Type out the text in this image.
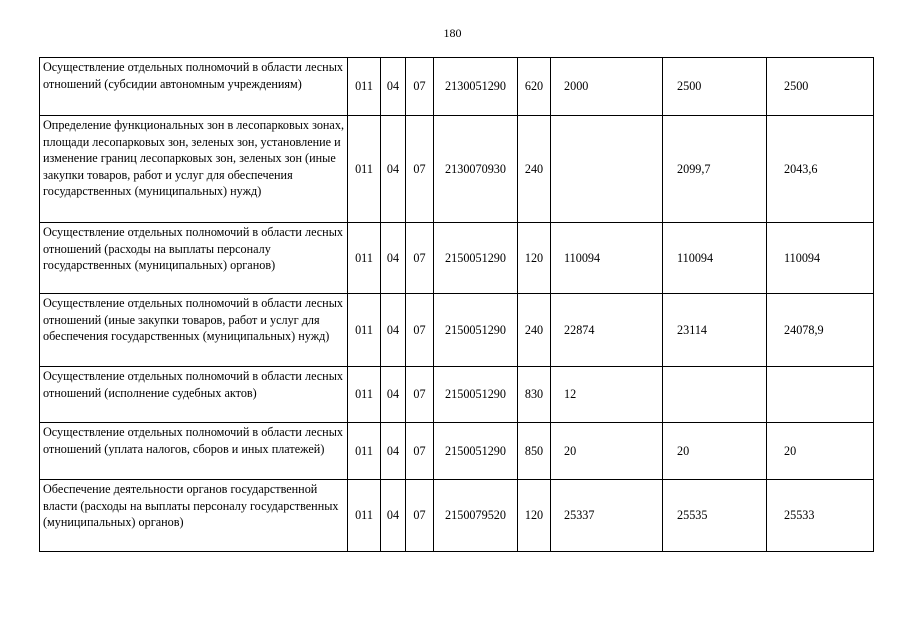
180
Осуществление отдельных полномочий в области лесных отношений (субсидии автономным учреждениям)	011	04	07	2130051290	620	2000	2500	2500
Определение функциональных зон в лесопарковых зонах, площади лесопарковых зон, зеленых зон, установление и изменение границ лесопарковых зон, зеленых зон (иные закупки товаров, работ и услуг для обеспечения государственных (муниципальных) нужд)	011	04	07	2130070930	240		2099,7	2043,6
Осуществление отдельных полномочий в области лесных отношений (расходы на выплаты персоналу государственных (муниципальных) органов)	011	04	07	2150051290	120	110094	110094	110094
Осуществление отдельных полномочий в области лесных отношений (иные закупки товаров, работ и услуг для обеспечения государственных (муниципальных) нужд)	011	04	07	2150051290	240	22874	23114	24078,9
Осуществление отдельных полномочий в области лесных отношений (исполнение судебных актов)	011	04	07	2150051290	830	12		
Осуществление отдельных полномочий в области лесных отношений (уплата налогов, сборов и иных платежей)	011	04	07	2150051290	850	20	20	20
Обеспечение деятельности органов государственной власти (расходы на выплаты персоналу государственных (муниципальных) органов)	011	04	07	2150079520	120	25337	25535	25533
